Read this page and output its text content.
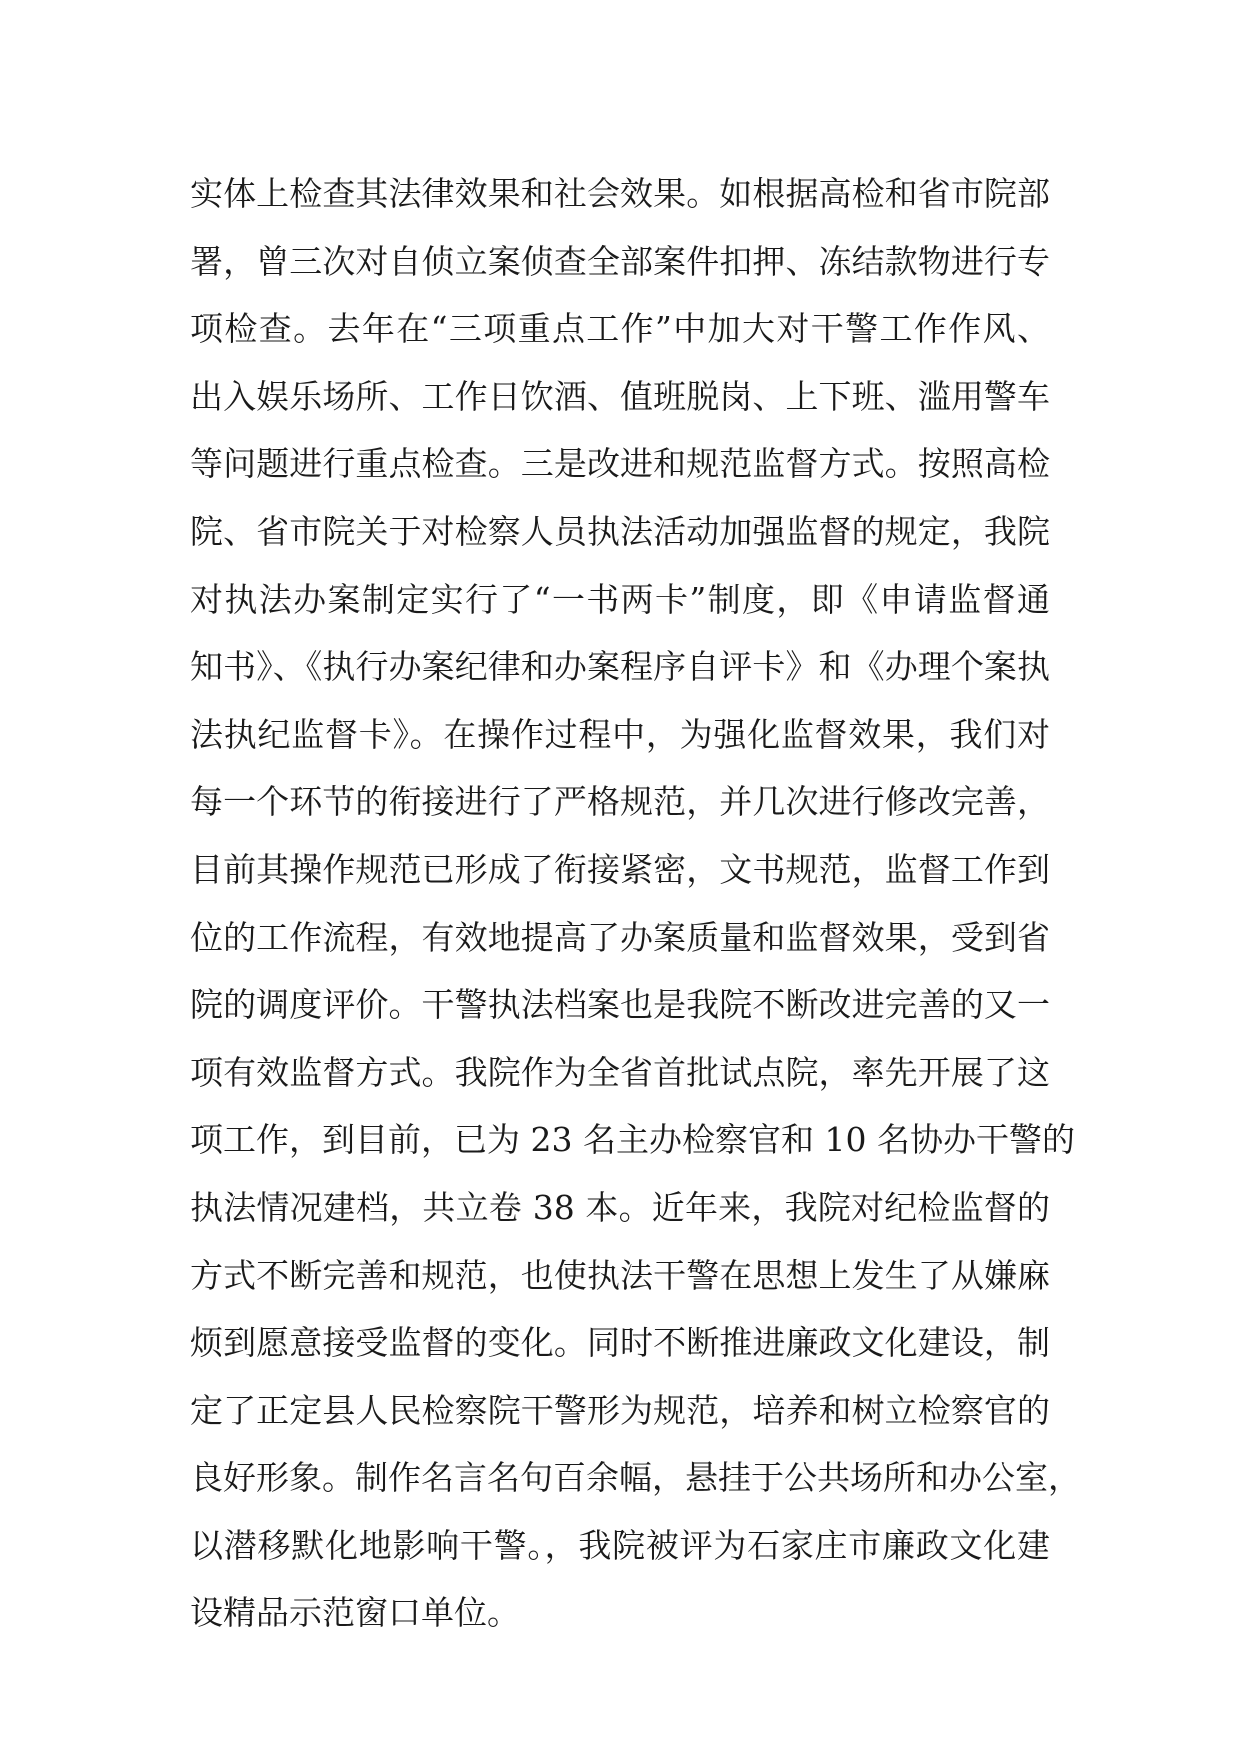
实体上检查其法律效果和社会效果。如根据高检和省市院部
署，曾三次对自侦立案侦查全部案件扣押、冻结款物进行专
项检查。去年在“三项重点工作”中加大对干警工作作风、
出入娱乐场所、工作日饮酒、值班脱岗、上下班、滥用警车
等问题进行重点检查。三是改进和规范监督方式。按照高检
院、省市院关于对检察人员执法活动加强监督的规定，我院
对执法办案制定实行了“一书两卡”制度，即《申请监督通
知书》、《执行办案纪律和办案程序自评卡》和《办理个案执
法执纪监督卡》。在操作过程中，为强化监督效果，我们对
每一个环节的衔接进行了严格规范，并几次进行修改完善，
目前其操作规范已形成了衔接紧密，文书规范，监督工作到
位的工作流程，有效地提高了办案质量和监督效果，受到省
院的调度评价。干警执法档案也是我院不断改进完善的又一
项有效监督方式。我院作为全省首批试点院，率先开展了这
项工作，到目前，已为 23 名主办检察官和 10 名协办干警的
执法情况建档，共立卷 38 本。近年来，我院对纪检监督的
方式不断完善和规范，也使执法干警在思想上发生了从嫌麻
烦到愿意接受监督的变化。同时不断推进廉政文化建设，制
定了正定县人民检察院干警形为规范，培养和树立检察官的
良好形象。制作名言名句百余幅，悬挂于公共场所和办公室，
以潜移默化地影响干警。，我院被评为石家庄市廉政文化建
设精品示范窗口单位。
